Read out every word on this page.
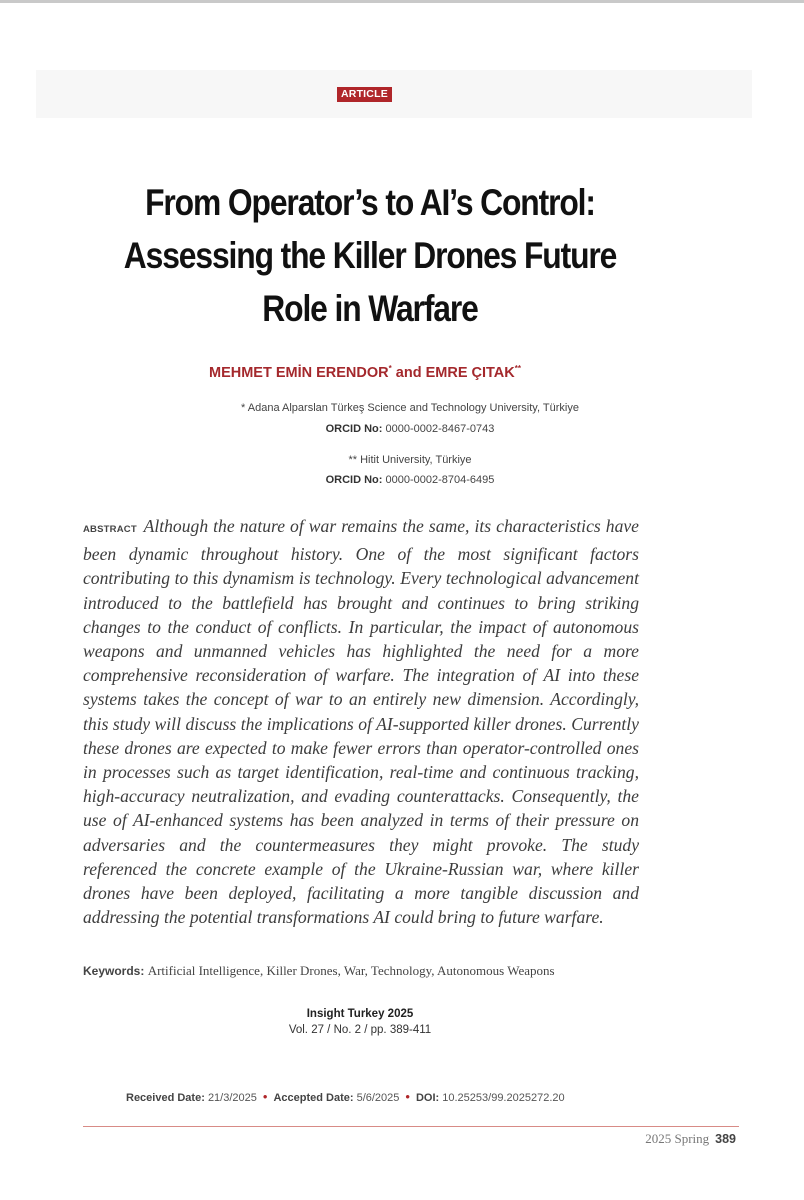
ARTICLE
From Operator’s to AI’s Control:
Assessing the Killer Drones Future
Role in Warfare
MEHMET EMİN ERENDOR* and EMRE ÇITAK**
* Adana Alparslan Türkeş Science and Technology University, Türkiye
ORCID No: 0000-0002-8467-0743
** Hitit University, Türkiye
ORCID No: 0000-0002-8704-6495

ABSTRACT Although the nature of war remains the same, its characteristics have been dynamic throughout history. One of the most significant factors contributing to this dynamism is technology. Every technological advancement introduced to the battlefield has brought and continues to bring striking changes to the conduct of conflicts. In particular, the impact of autonomous weapons and unmanned vehicles has highlighted the need for a more comprehensive reconsideration of warfare. The integration of AI into these systems takes the concept of war to an entirely new dimension. Accordingly, this study will discuss the implications of AI-supported killer drones. Currently these drones are expected to make fewer errors than operator-controlled ones in processes such as target identification, real-time and continuous tracking, high-accuracy neutralization, and evading counterattacks. Consequently, the use of AI-enhanced systems has been analyzed in terms of their pressure on adversaries and the countermeasures they might provoke. The study referenced the concrete example of the Ukraine-Russian war, where killer drones have been deployed, facilitating a more tangible discussion and addressing the potential transformations AI could bring to future warfare.

Keywords: Artificial Intelligence, Killer Drones, War, Technology, Autonomous Weapons
Insight Turkey 2025
Vol. 27 / No. 2 / pp. 389-411
Received Date: 21/3/2025 • Accepted Date: 5/6/2025 • DOI: 10.25253/99.2025272.20
2025 Spring 389
